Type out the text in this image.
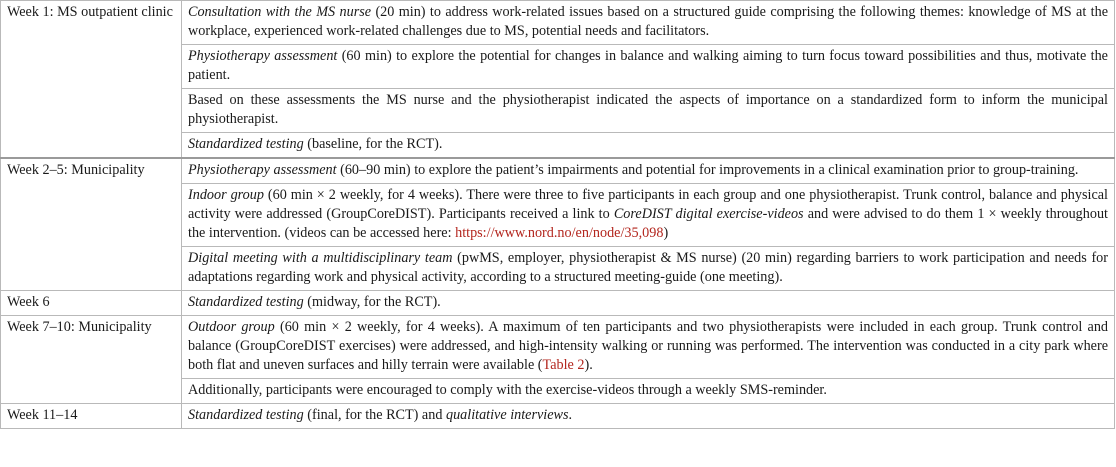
Week 1: MS outpatient clinic	Consultation with the MS nurse (20 min) to address work-related issues based on a structured guide comprising the following themes: knowledge of MS at the workplace, experienced work-related challenges due to MS, potential needs and facilitators.
	Physiotherapy assessment (60 min) to explore the potential for changes in balance and walking aiming to turn focus toward possibilities and thus, motivate the patient.
	Based on these assessments the MS nurse and the physiotherapist indicated the aspects of importance on a standardized form to inform the municipal physiotherapist.
	Standardized testing (baseline, for the RCT).
Week 2–5: Municipality	Physiotherapy assessment (60–90 min) to explore the patient’s impairments and potential for improvements in a clinical examination prior to group-training.
	Indoor group (60 min × 2 weekly, for 4 weeks). There were three to five participants in each group and one physiotherapist. Trunk control, balance and physical activity were addressed (GroupCoreDIST). Participants received a link to CoreDIST digital exercise-videos and were advised to do them 1 × weekly throughout the intervention. (videos can be accessed here: https://www.nord.no/en/node/35,098)
	Digital meeting with a multidisciplinary team (pwMS, employer, physiotherapist & MS nurse) (20 min) regarding barriers to work participation and needs for adaptations regarding work and physical activity, according to a structured meeting-guide (one meeting).
Week 6	Standardized testing (midway, for the RCT).
Week 7–10: Municipality	Outdoor group (60 min × 2 weekly, for 4 weeks). A maximum of ten participants and two physiotherapists were included in each group. Trunk control and balance (GroupCoreDIST exercises) were addressed, and high-intensity walking or running was performed. The intervention was conducted in a city park where both flat and uneven surfaces and hilly terrain were available (Table 2).
	Additionally, participants were encouraged to comply with the exercise-videos through a weekly SMS-reminder.
Week 11–14	Standardized testing (final, for the RCT) and qualitative interviews.
